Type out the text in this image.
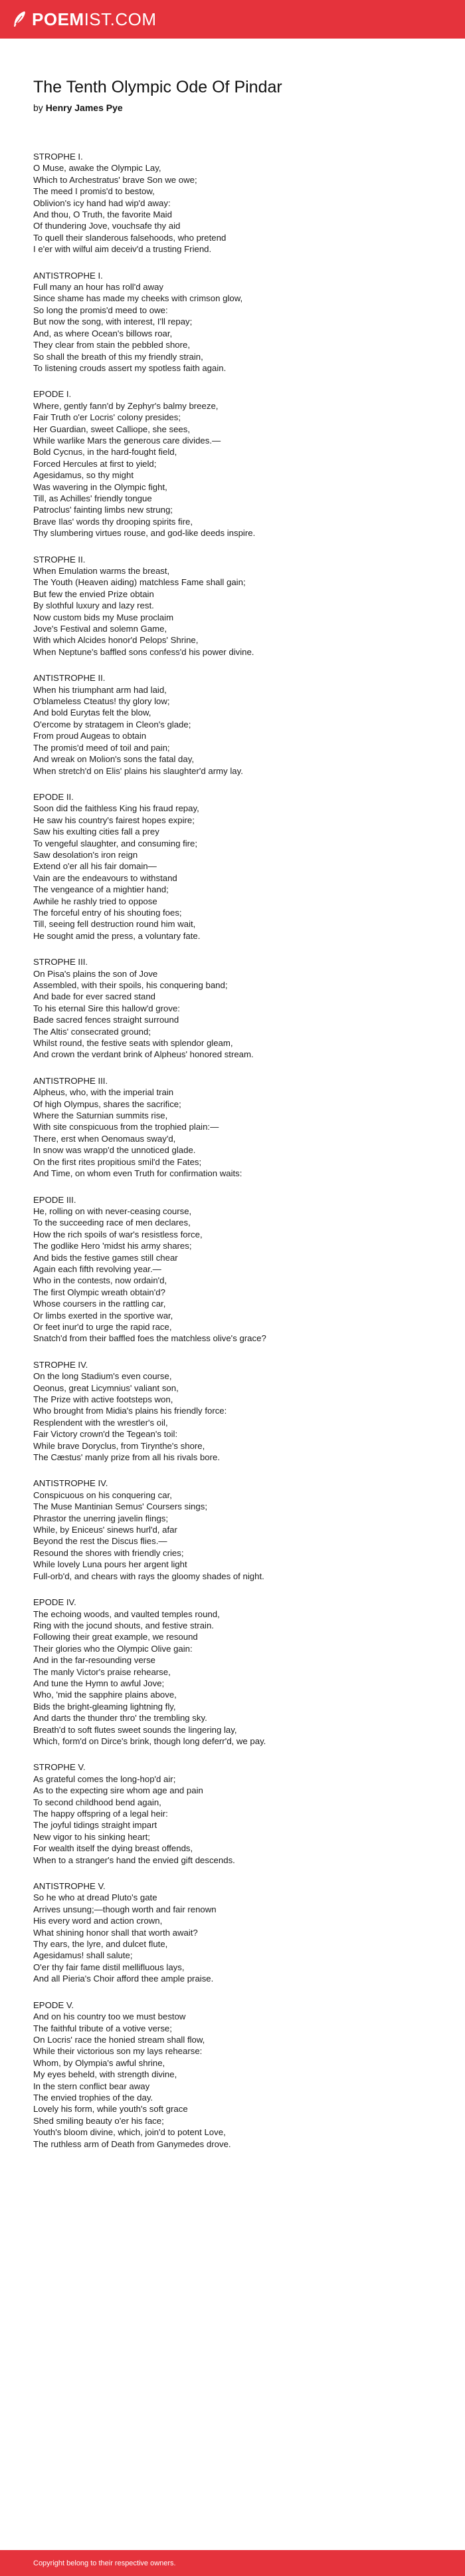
POEMIST.COM
The Tenth Olympic Ode Of Pindar
by Henry James Pye
STROPHE I.
O Muse, awake the Olympic Lay,
Which to Archestratus' brave Son we owe;
The meed I promis'd to bestow,
Oblivion's icy hand had wip'd away:
And thou, O Truth, the favorite Maid
Of thundering Jove, vouchsafe thy aid
To quell their slanderous falsehoods, who pretend
I e'er with wilful aim deceiv'd a trusting Friend.
ANTISTROPHE I.
Full many an hour has roll'd away
Since shame has made my cheeks with crimson glow,
So long the promis'd meed to owe:
But now the song, with interest, I'll repay;
And, as where Ocean's billows roar,
They clear from stain the pebbled shore,
So shall the breath of this my friendly strain,
To listening crouds assert my spotless faith again.
EPODE I.
Where, gently fann'd by Zephyr's balmy breeze,
Fair Truth o'er Locris' colony presides;
Her Guardian, sweet Calliope, she sees,
While warlike Mars the generous care divides.—
Bold Cycnus, in the hard-fought field,
Forced Hercules at first to yield;
Agesidamus, so thy might
Was wavering in the Olympic fight,
Till, as Achilles' friendly tongue
Patroclus' fainting limbs new strung;
Brave Ilas' words thy drooping spirits fire,
Thy slumbering virtues rouse, and god-like deeds inspire.
STROPHE II.
When Emulation warms the breast,
The Youth (Heaven aiding) matchless Fame shall gain;
But few the envied Prize obtain
By slothful luxury and lazy rest.
Now custom bids my Muse proclaim
Jove's Festival and solemn Game,
With which Alcides honor'd Pelops' Shrine,
When Neptune's baffled sons confess'd his power divine.
ANTISTROPHE II.
When his triumphant arm had laid,
O'blameless Cteatus! thy glory low;
And bold Eurytas felt the blow,
O'ercome by stratagem in Cleon's glade;
From proud Augeas to obtain
The promis'd meed of toil and pain;
And wreak on Molion's sons the fatal day,
When stretch'd on Elis' plains his slaughter'd army lay.
EPODE II.
Soon did the faithless King his fraud repay,
He saw his country's fairest hopes expire;
Saw his exulting cities fall a prey
To vengeful slaughter, and consuming fire;
Saw desolation's iron reign
Extend o'er all his fair domain—
Vain are the endeavours to withstand
The vengeance of a mightier hand;
Awhile he rashly tried to oppose
The forceful entry of his shouting foes;
Till, seeing fell destruction round him wait,
He sought amid the press, a voluntary fate.
STROPHE III.
On Pisa's plains the son of Jove
Assembled, with their spoils, his conquering band;
And bade for ever sacred stand
To his eternal Sire this hallow'd grove:
Bade sacred fences straight surround
The Altis' consecrated ground;
Whilst round, the festive seats with splendor gleam,
And crown the verdant brink of Alpheus' honored stream.
ANTISTROPHE III.
Alpheus, who, with the imperial train
Of high Olympus, shares the sacrifice;
Where the Saturnian summits rise,
With site conspicuous from the trophied plain:—
There, erst when Oenomaus sway'd,
In snow was wrapp'd the unnoticed glade.
On the first rites propitious smil'd the Fates;
And Time, on whom even Truth for confirmation waits:
EPODE III.
He, rolling on with never-ceasing course,
To the succeeding race of men declares,
How the rich spoils of war's resistless force,
The godlike Hero 'midst his army shares;
And bids the festive games still chear
Again each fifth revolving year.—
Who in the contests, now ordain'd,
The first Olympic wreath obtain'd?
Whose coursers in the rattling car,
Or limbs exerted in the sportive war,
Or feet inur'd to urge the rapid race,
Snatch'd from their baffled foes the matchless olive's grace?
STROPHE IV.
On the long Stadium's even course,
Oeonus, great Licymnius' valiant son,
The Prize with active footsteps won,
Who brought from Midia's plains his friendly force:
Resplendent with the wrestler's oil,
Fair Victory crown'd the Tegean's toil:
While brave Doryclus, from Tirynthe's shore,
The Cæstus' manly prize from all his rivals bore.
ANTISTROPHE IV.
Conspicuous on his conquering car,
The Muse Mantinian Semus' Coursers sings;
Phrastor the unerring javelin flings;
While, by Eniceus' sinews hurl'd, afar
Beyond the rest the Discus flies.—
Resound the shores with friendly cries;
While lovely Luna pours her argent light
Full-orb'd, and chears with rays the gloomy shades of night.
EPODE IV.
The echoing woods, and vaulted temples round,
Ring with the jocund shouts, and festive strain.
Following their great example, we resound
Their glories who the Olympic Olive gain:
And in the far-resounding verse
The manly Victor's praise rehearse,
And tune the Hymn to awful Jove;
Who, 'mid the sapphire plains above,
Bids the bright-gleaming lightning fly,
And darts the thunder thro' the trembling sky.
Breath'd to soft flutes sweet sounds the lingering lay,
Which, form'd on Dirce's brink, though long deferr'd, we pay.
STROPHE V.
As grateful comes the long-hop'd air;
As to the expecting sire whom age and pain
To second childhood bend again,
The happy offspring of a legal heir:
The joyful tidings straight impart
New vigor to his sinking heart;
For wealth itself the dying breast offends,
When to a stranger's hand the envied gift descends.
ANTISTROPHE V.
So he who at dread Pluto's gate
Arrives unsung;—though worth and fair renown
His every word and action crown,
What shining honor shall that worth await?
Thy ears, the lyre, and dulcet flute,
Agesidamus! shall salute;
O'er thy fair fame distil mellifluous lays,
And all Pieria's Choir afford thee ample praise.
EPODE V.
And on his country too we must bestow
The faithful tribute of a votive verse;
On Locris' race the honied stream shall flow,
While their victorious son my lays rehearse:
Whom, by Olympia's awful shrine,
My eyes beheld, with strength divine,
In the stern conflict bear away
The envied trophies of the day.
Lovely his form, while youth's soft grace
Shed smiling beauty o'er his face;
Youth's bloom divine, which, join'd to potent Love,
The ruthless arm of Death from Ganymedes drove.
Copyright belong to their respective owners.
